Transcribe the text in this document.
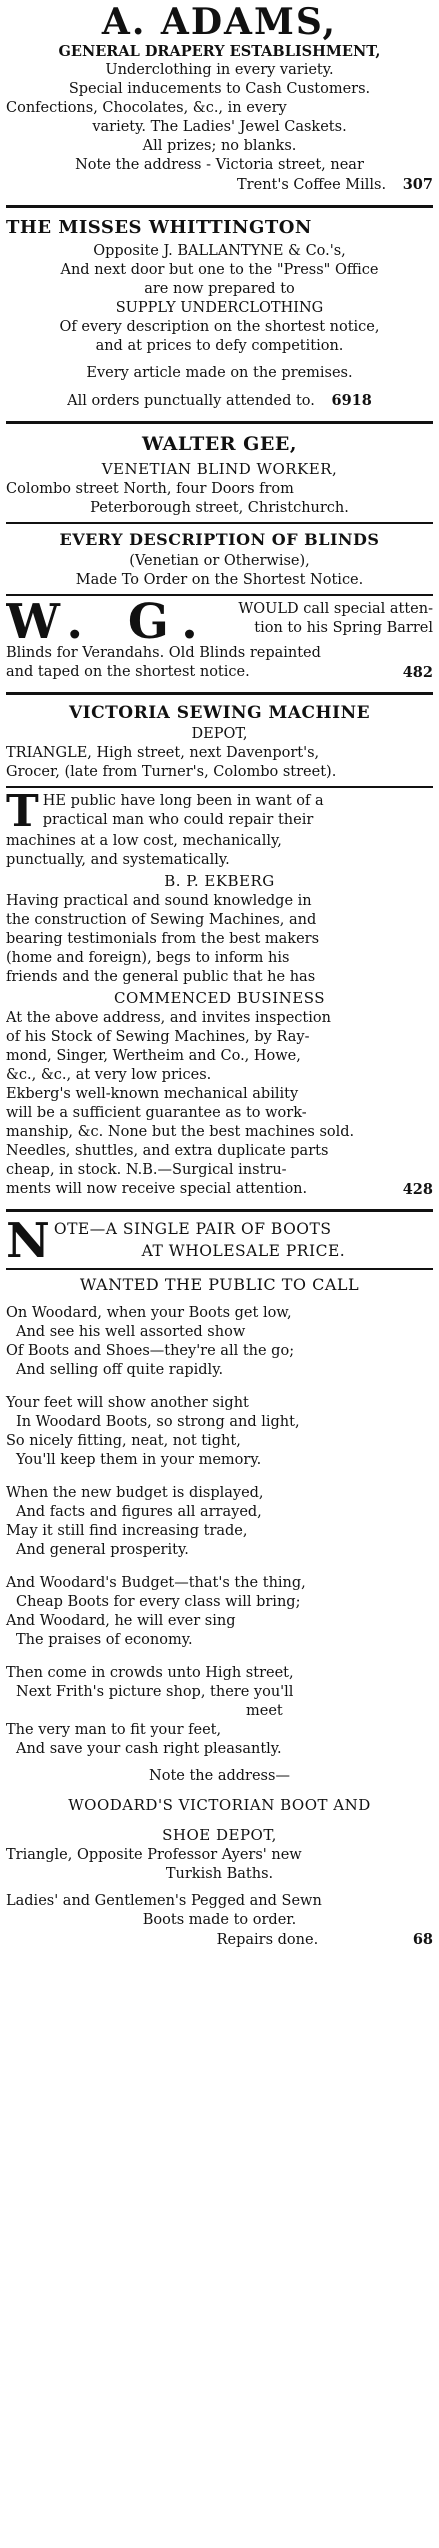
A. ADAMS,
GENERAL DRAPERY ESTABLISHMENT,
Underclothing in every variety.
Special inducements to Cash Customers.
Confections, Chocolates, &c., in every
variety. The Ladies' Jewel Caskets.
All prizes; no blanks.
Note the address - Victoria street, near
Trent's Coffee Mills. 307
THE MISSES WHITTINGTON
Opposite J. BALLANTYNE & Co.'s,
And next door but one to the "Press" Office
are now prepared to
SUPPLY UNDERCLOTHING
Of every description on the shortest notice,
and at prices to defy competition.
Every article made on the premises.
All orders punctually attended to. 6918
WALTER GEE,
VENETIAN BLIND WORKER,
Colombo street North, four Doors from
Peterborough street, Christchurch.
EVERY DESCRIPTION OF BLINDS
(Venetian or Otherwise),
Made To Order on the Shortest Notice.
W. G.	WOULD call special atten-
tion to his Spring Barrel
Blinds for Verandahs. Old Blinds repainted
and taped on the shortest notice.	482
VICTORIA SEWING MACHINE
DEPOT,
TRIANGLE, High street, next Davenport's,
Grocer, (late from Turner's, Colombo street).
T HE public have long been in want of a
practical man who could repair their
machines at a low cost, mechanically,
punctually, and systematically.
B. P. EKBERG
Having practical and sound knowledge in
the construction of Sewing Machines, and
bearing testimonials from the best makers
(home and foreign), begs to inform his
friends and the general public that he has
COMMENCED BUSINESS
At the above address, and invites inspection
of his Stock of Sewing Machines, by Ray-
mond, Singer, Wertheim and Co., Howe,
&c., &c., at very low prices.
Ekberg's well-known mechanical ability
will be a sufficient guarantee as to work-
manship, &c. None but the best machines sold.
Needles, shuttles, and extra duplicate parts
cheap, in stock. N.B.—Surgical instru-
ments will now receive special attention.	428
N OTE—A SINGLE PAIR OF BOOTS
AT WHOLESALE PRICE.
WANTED THE PUBLIC TO CALL
On Woodard, when your Boots get low,
And see his well assorted show
Of Boots and Shoes—they're all the go;
And selling off quite rapidly.
Your feet will show another sight
In Woodard Boots, so strong and light,
So nicely fitting, neat, not tight,
You'll keep them in your memory.
When the new budget is displayed,
And facts and figures all arrayed,
May it still find increasing trade,
And general prosperity.
And Woodard's Budget—that's the thing,
Cheap Boots for every class will bring;
And Woodard, he will ever sing
The praises of economy.
Then come in crowds unto High street,
Next Frith's picture shop, there you'll
meet
The very man to fit your feet,
And save your cash right pleasantly.
Note the address—
WOODARD'S VICTORIAN BOOT AND
SHOE DEPOT,
Triangle, Opposite Professor Ayers' new
Turkish Baths.
Ladies' and Gentlemen's Pegged and Sewn
Boots made to order.
Repairs done.	68
